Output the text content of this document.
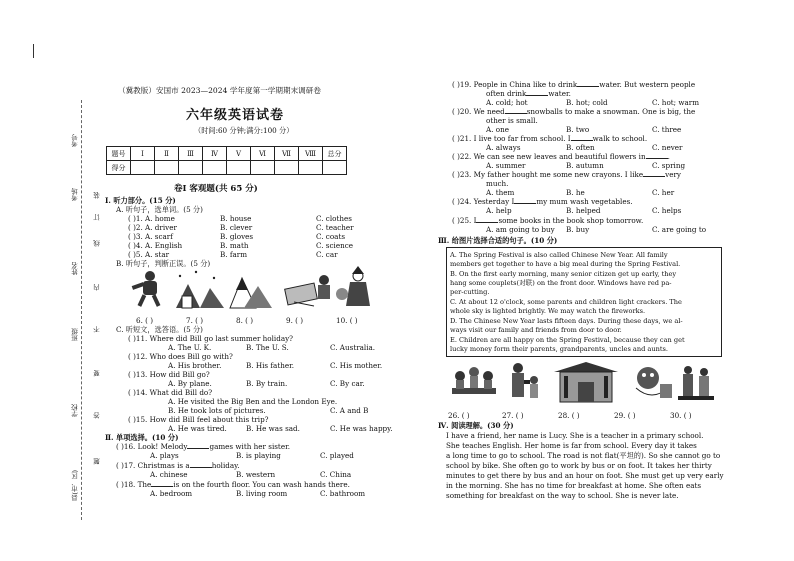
考号
考场
姓名
班级
学校
县(市、区)
装
订
线
内
不
要
答
题
（冀教版）安国市 2023—2024 学年度第一学期期末调研卷
六年级英语试卷
（时间:60 分钟;满分:100 分）
题号	Ⅰ	Ⅱ	Ⅲ	Ⅳ	Ⅴ	Ⅵ	Ⅶ	Ⅷ	总分
得分									
卷Ⅰ 客观题(共 65 分)
Ⅰ. 听力部分。(15 分)
A. 听句子，选单词。(5 分)
( )1. A. home	B. house	C. clothes
( )2. A. driver	B. clever	C. teacher
( )3. A. scarf	B. gloves	C. coats
( )4. A. English	B. math	C. science
( )5. A. star	B. farm	C. car
B. 听句子，判断正误。(5 分)
6. ( )	7. ( )	8. ( )	9. ( )	10. ( )
C. 听短文，选答语。(5 分)
( )11. Where did Bill go last summer holiday?
A. The U. K.	B. The U. S.	C. Australia.
( )12. Who does Bill go with?
A. His brother.	B. His father.	C. His mother.
( )13. How did Bill go?
A. By plane.	B. By train.	C. By car.
( )14. What did Bill do?
A. He visited the Big Ben and the London Eye.
B. He took lots of pictures.	C. A and B
( )15. How did Bill feel about this trip?
A. He was tired.	B. He was sad.	C. He was happy.
Ⅱ. 单项选择。(10 分)
( )16. Look! Melody	games with her sister.
A. plays	B. is playing	C. played
( )17. Christmas is a	holiday.
A. chinese	B. western	C. China
( )18. The	is on the fourth floor. You can wash hands there.
A. bedroom	B. living room	C. bathroom
( )19. People in China like to drink	water. But western people
often drink	water.
A. cold; hot	B. hot; cold	C. hot; warm
( )20. We need	snowballs to make a snowman. One is big, the
other is small.
A. one	B. two	C. three
( )21. I live too far from school. I	walk to school.
A. always	B. often	C. never
( )22. We can see new leaves and beautiful flowers in	.
A. summer	B. autumn	C. spring
( )23. My father hought me some new crayons. I like	very
much.
A. them	B. he	C. her
( )24. Yesterday I	my mum wash vegetables.
A. help	B. helped	C. helps
( )25. I	some books in the book shop tomorrow.
A. am going to buy B. buy	C. are going to
Ⅲ. 给图片选择合适的句子。(10 分)
A. The Spring Festival is also called Chinese New Year. All family
members get together to have a big meal during the Spring Festival.
B. On the first early morning, many senior citizen get up early, they
hang some couplets(对联) on the front door. Windows have red pa-
per-cutting.
C. At about 12 o'clock, some parents and children light crackers. The
whole sky is lighted brightly. We may watch the fireworks.
D. The Chinese New Year lasts fifteen days. During these days, we al-
ways visit our family and friends from door to door.
E. Children are all happy on the Spring Festival, because they can get
lucky money form their parents, grandparents, uncles and aunts.
26. ( )	27. ( )	28. ( )	29. ( )	30. ( )
Ⅳ. 阅读理解。(30 分)
I have a friend, her name is Lucy. She is a teacher in a primary school.
She teaches English. Her home is far from school. Every day it takes
a long time to go to school. The road is not flat(平坦的). So she cannot go to
school by bike. She often go to work by bus or on foot. It takes her thirty
minutes to get there by bus and an hour on foot. She must get up very early
in the morning. She has no time for breakfast at home. She often eats
something for breakfast on the way to school. She is never late.
